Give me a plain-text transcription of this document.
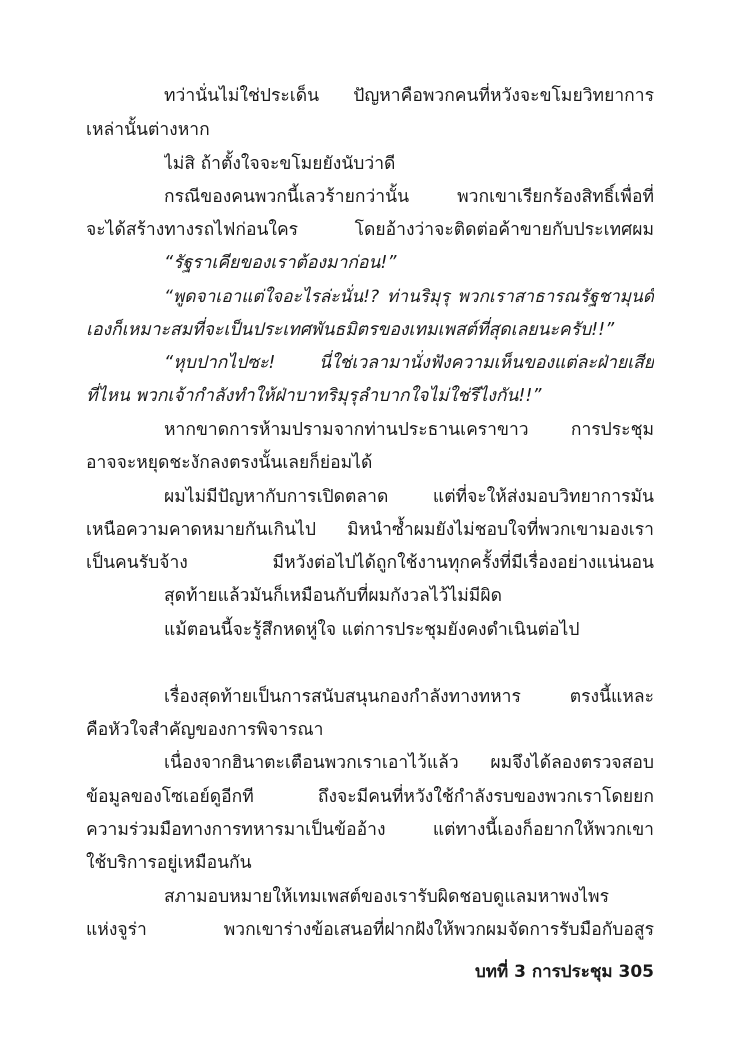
ทว่านั่นไม่ใช่ประเด็น ปัญหาคือพวกคนที่หวังจะขโมยวิทยาการ
เหล่านั้นต่างหาก
ไม่สิ ถ้าตั้งใจจะขโมยยังนับว่าดี
กรณีของคนพวกนี้เลวร้ายกว่านั้น พวกเขาเรียกร้องสิทธิ์เพื่อที่
จะได้สร้างทางรถไฟก่อนใคร โดยอ้างว่าจะติดต่อค้าขายกับประเทศผม
“รัฐราเคียของเราต้องมาก่อน!”
“พูดจาเอาแต่ใจอะไรล่ะนั่น!? ท่านริมุรุ พวกเราสาธารณรัฐชามุนด์
เองก็เหมาะสมที่จะเป็นประเทศพันธมิตรของเทมเพสต์ที่สุดเลยนะครับ!!”
“หุบปากไปซะ! นี่ใช่เวลามานั่งฟังความเห็นของแต่ละฝ่ายเสีย
ที่ไหน พวกเจ้ากำลังทำให้ฝ่าบาทริมุรุลำบากใจไม่ใช่รึไงกัน!!”
หากขาดการห้ามปรามจากท่านประธานเคราขาว การประชุม
อาจจะหยุดชะงักลงตรงนั้นเลยก็ย่อมได้
ผมไม่มีปัญหากับการเปิดตลาด แต่ที่จะให้ส่งมอบวิทยาการมัน
เหนือความคาดหมายกันเกินไป มิหนำซ้ำผมยังไม่ชอบใจที่พวกเขามองเรา
เป็นคนรับจ้าง มีหวังต่อไปได้ถูกใช้งานทุกครั้งที่มีเรื่องอย่างแน่นอน
สุดท้ายแล้วมันก็เหมือนกับที่ผมกังวลไว้ไม่มีผิด
แม้ตอนนี้จะรู้สึกหดหู่ใจ แต่การประชุมยังคงดำเนินต่อไป
เรื่องสุดท้ายเป็นการสนับสนุนกองกำลังทางทหาร ตรงนี้แหละ
คือหัวใจสำคัญของการพิจารณา
เนื่องจากฮินาตะเตือนพวกเราเอาไว้แล้ว ผมจึงได้ลองตรวจสอบ
ข้อมูลของโซเอย์ดูอีกที ถึงจะมีคนที่หวังใช้กำลังรบของพวกเราโดยยก
ความร่วมมือทางการทหารมาเป็นข้ออ้าง แต่ทางนี้เองก็อยากให้พวกเขา
ใช้บริการอยู่เหมือนกัน
สภามอบหมายให้เทมเพสต์ของเรารับผิดชอบดูแลมหาพงไพร
แห่งจูร่า พวกเขาร่างข้อเสนอที่ฝากฝังให้พวกผมจัดการรับมือกับอสูร
บทที่ 3 การประชุม 305
